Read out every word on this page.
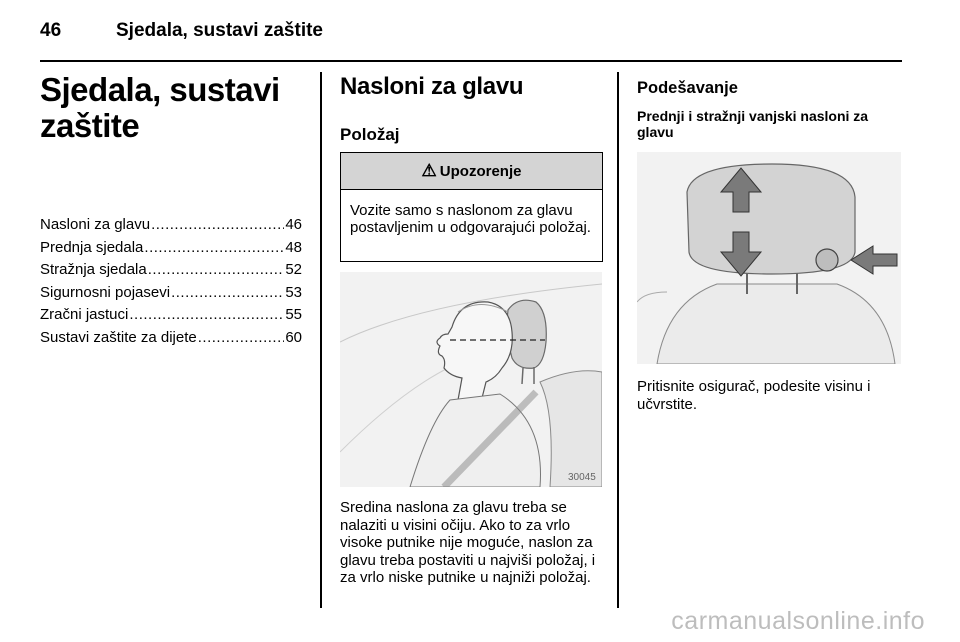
46	Sjedala, sustavi zaštite
Sjedala, sustavi
zaštite
Nasloni za glavu .....	46
Prednja sjedala .....	48
Stražnja sjedala .....	52
Sigurnosni pojasevi .....	53
Zračni jastuci .....	55
Sustavi zaštite za dijete .....	60
Nasloni za glavu
Položaj
⚠ Upozorenje
Vozite samo s naslonom za glavu postavljenim u odgovarajući položaj.
30045
Sredina naslona za glavu treba se nalaziti u visini očiju. Ako to za vrlo visoke putnike nije moguće, naslon za glavu treba postaviti u najviši položaj, i za vrlo niske putnike u najniži položaj.
Podešavanje
Prednji i stražnji vanjski nasloni za glavu
Pritisnite osigurač, podesite visinu i učvrstite.
carmanualsonline.info
